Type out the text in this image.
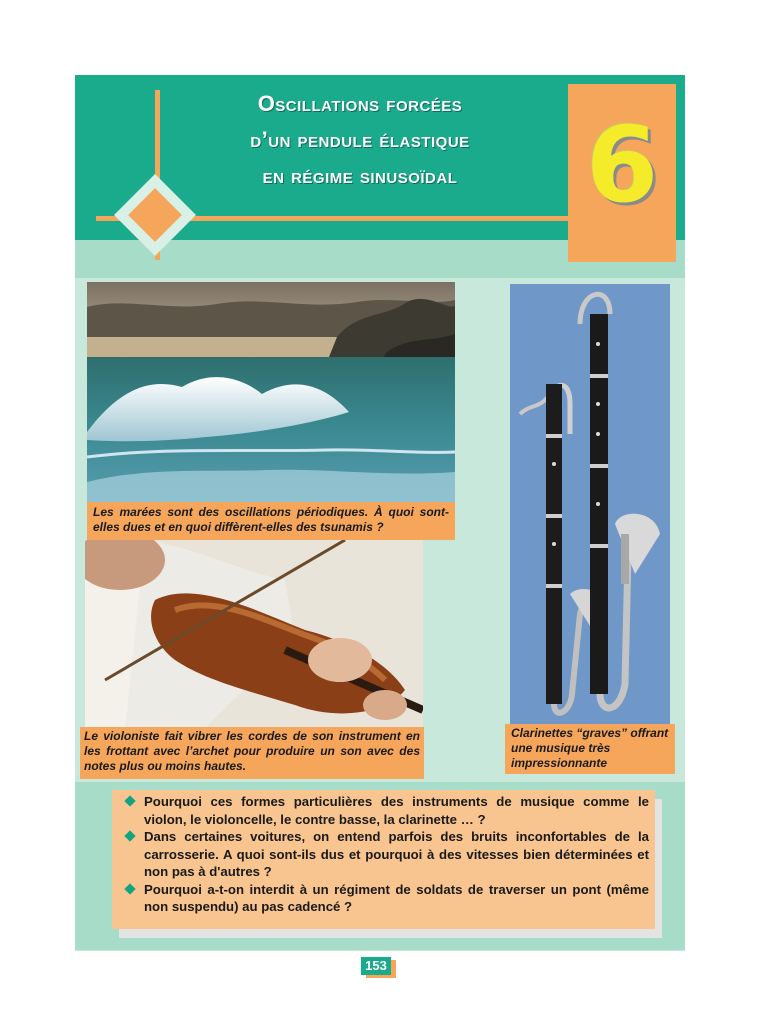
Oscillations forcées
d’un pendule élastique
en régime sinusoïdal	6
Les marées sont des oscillations périodiques. À quoi sont-elles dues et en quoi diffèrent-elles des tsunamis ?
Le violoniste fait vibrer les cordes de son instrument en les frottant avec l’archet pour produire un son avec des notes plus ou moins hautes.
Clarinettes “graves” offrant une musique très impressionnante
Pourquoi ces formes particulières des instruments de musique comme le violon, le violoncelle, le contre basse, la clarinette … ?
Dans certaines voitures, on entend parfois des bruits inconfortables de la carrosserie. A quoi sont-ils dus et pourquoi à des vitesses bien déterminées et non pas à d'autres ?
Pourquoi a-t-on interdit à un régiment de soldats de traverser un pont (même non suspendu) au pas cadencé ?
153
